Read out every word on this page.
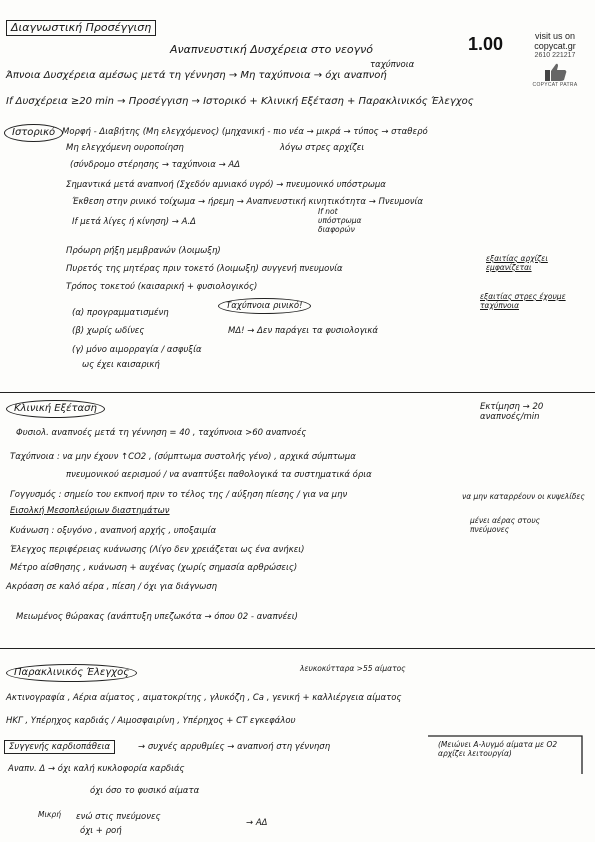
1.00	visit us on
copycat.gr
2610 221217
COPYCAT PATRA
Διαγνωστική Προσέγγιση
Αναπνευστική Δυσχέρεια στο νεογνό
ταχύπνοια
Άπνοια Δυσχέρεια αμέσως μετά τη γέννηση → Μη ταχύπνοια → όχι αναπνοή
If Δυσχέρεια ≥20 min → Προσέγγιση → Ιστορικό + Κλινική Εξέταση + Παρακλινικός Έλεγχος
Ιστορικό Μορφή - Διαβήτης (Μη ελεγχόμενος) (μηχανική - πιο νέα → μικρά → τύπος → σταθερό
Μη ελεγχόμενη ουροποίηση	λόγω στρες αρχίζει
(σύνδρομο στέρησης → ταχύπνοια → ΑΔ
Σημαντικά μετά αναπνοή (Σχεδόν αμνιακό υγρό) → πνευμονικό υπόστρωμα
Έκθεση στην ρινικό τοίχωμα → ήρεμη → Αναπνευστική κινητικότητα → Πνευμονία
If μετά λίγες ή κίνηση) → Α.Δ
If not υπόστρωμα διαφορών
Πρόωρη ρήξη μεμβρανών (λοιμωξη)
Πυρετός της μητέρας πριν τοκετό (λοιμωξη) συγγενή πνευμονία
Τρόπος τοκετού (καισαρική + φυσιολογικός)
(α) προγραμματισμένη
Ταχύπνοια ρινικό!
(β) χωρίς ωδίνες	ΜΔ! → Δεν παράγει τα φυσιολογικά
(γ) μόνο αιμορραγία / ασφυξία
ως έχει καισαρική
εξαιτίας αρχίζει εμφανίζεται
εξαιτίας στρες έχουμε ταχύπνοια
Κλινική Εξέταση	Εκτίμηση → 20 αναπνοές/min
Φυσιολ. αναπνοές μετά τη γέννηση = 40 , ταχύπνοια >60 αναπνοές
Ταχύπνοια : να μην έχουν ↑CO2 , (σύμπτωμα συστολής γένο) , αρχικά σύμπτωμα
πνευμονικού αερισμού / να αναπτύξει παθολογικά τα συστηματικά όρια
Γογγυσμός : σημείο του εκπνοή πριν το τέλος της / αύξηση πίεσης / για να μην	να μην καταρρέουν οι κυψελίδες
Εισολκή Μεσοπλεύριων διαστημάτων
Κυάνωση : οξυγόνο , αναπνοή αρχής , υποξαιμία
μένει αέρας στους πνεύμονες
Έλεγχος περιφέρειας κυάνωσης (Λίγο δεν χρειάζεται ως ένα ανήκει)
Μέτρο αίσθησης , κυάνωση + αυχένας (χωρίς σημασία αρθρώσεις)
Ακρόαση σε καλό αέρα , πίεση / όχι για διάγνωση
Μειωμένος θώρακας (ανάπτυξη υπεζωκότα → όπου 02 - αναπνέει)
Παρακλινικός Έλεγχος	λευκοκύτταρα >55 αίματος
Ακτινογραφία , Αέρια αίματος , αιματοκρίτης , γλυκόζη , Ca , γενική + καλλιέργεια αίματος
ΗΚΓ , Υπέρηχος καρδιάς / Αιμοσφαιρίνη , Υπέρηχος + CT εγκεφάλου
Συγγενής καρδιοπάθεια	→ συχνές αρρυθμίες → αναπνοή στη γέννηση	(Μειώνει Α-λυγμό αίματα με Ο2 αρχίζει λειτουργία)
Αναπν. Δ → όχι καλή κυκλοφορία καρδιάς
όχι όσο το φυσικό αίματα
Μικρή ενώ στις πνεύμονες
όχι + ροή
→ ΑΔ
